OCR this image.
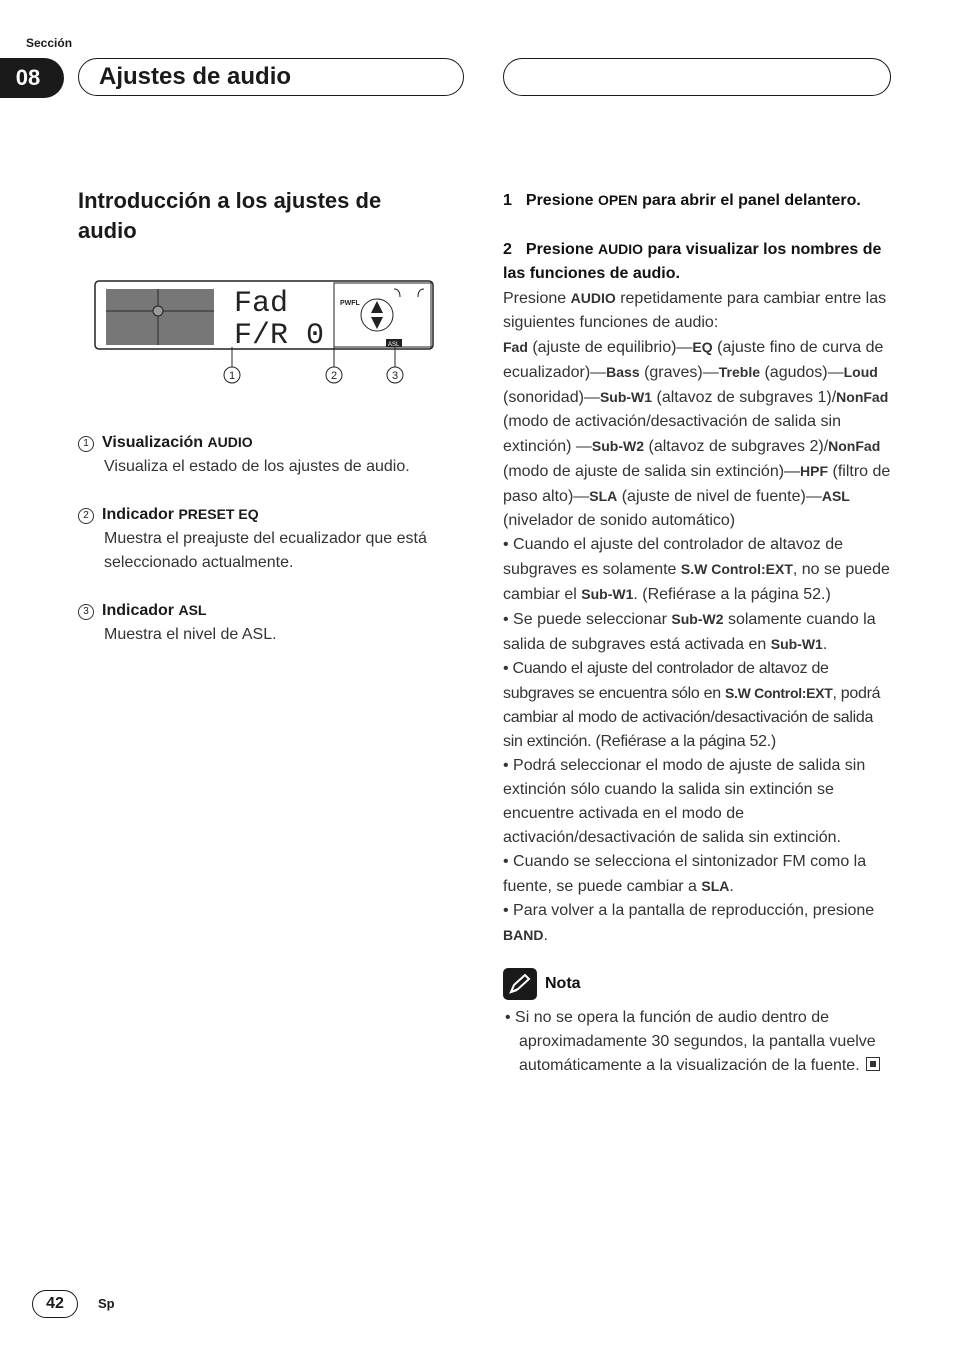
Sección
08	Ajustes de audio
Introducción a los ajustes de audio
Fad
F/R 0
PWFL
ASL
1	2	3
1 Visualización AUDIO
Visualiza el estado de los ajustes de audio.
2 Indicador PRESET EQ
Muestra el preajuste del ecualizador que está seleccionado actualmente.
3 Indicador ASL
Muestra el nivel de ASL.

1 Presione OPEN para abrir el panel delantero.

2 Presione AUDIO para visualizar los nombres de las funciones de audio.

Presione AUDIO repetidamente para cambiar entre las siguientes funciones de audio:

Fad (ajuste de equilibrio)—EQ (ajuste fino de curva de ecualizador)—Bass (graves)—Treble (agudos)—Loud (sonoridad)—Sub-W1 (altavoz de subgraves 1)/NonFad (modo de activación/desactivación de salida sin extinción) —Sub-W2 (altavoz de subgraves 2)/NonFad (modo de ajuste de salida sin extinción)—HPF (filtro de paso alto)—SLA (ajuste de nivel de fuente)—ASL (nivelador de sonido automático)

• Cuando el ajuste del controlador de altavoz de subgraves es solamente S.W Control:EXT, no se puede cambiar el Sub-W1. (Refiérase a la página 52.)

• Se puede seleccionar Sub-W2 solamente cuando la salida de subgraves está activada en Sub-W1.

• Cuando el ajuste del controlador de altavoz de subgraves se encuentra sólo en S.W Control:EXT, podrá cambiar al modo de activación/desactivación de salida sin extinción. (Refiérase a la página 52.)

• Podrá seleccionar el modo de ajuste de salida sin extinción sólo cuando la salida sin extinción se encuentre activada en el modo de activación/desactivación de salida sin extinción.

• Cuando se selecciona el sintonizador FM como la fuente, se puede cambiar a SLA.

• Para volver a la pantalla de reproducción, presione BAND.

Nota

• Si no se opera la función de audio dentro de aproximadamente 30 segundos, la pantalla vuelve automáticamente a la visualización de la fuente.

42	Sp
